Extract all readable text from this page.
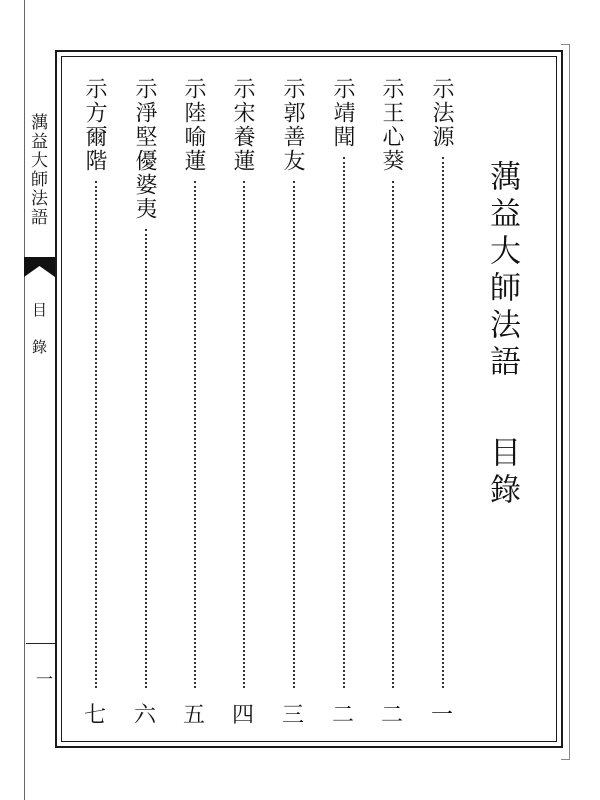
蕅益大師法語
目錄
一
蕅益大師法語
目錄
示法源
一
示王心葵
二
示靖聞
二
示郭善友
三
示宋養蓮
四
示陸喻蓮
五
示淨堅優婆夷
六
示方爾階
七
